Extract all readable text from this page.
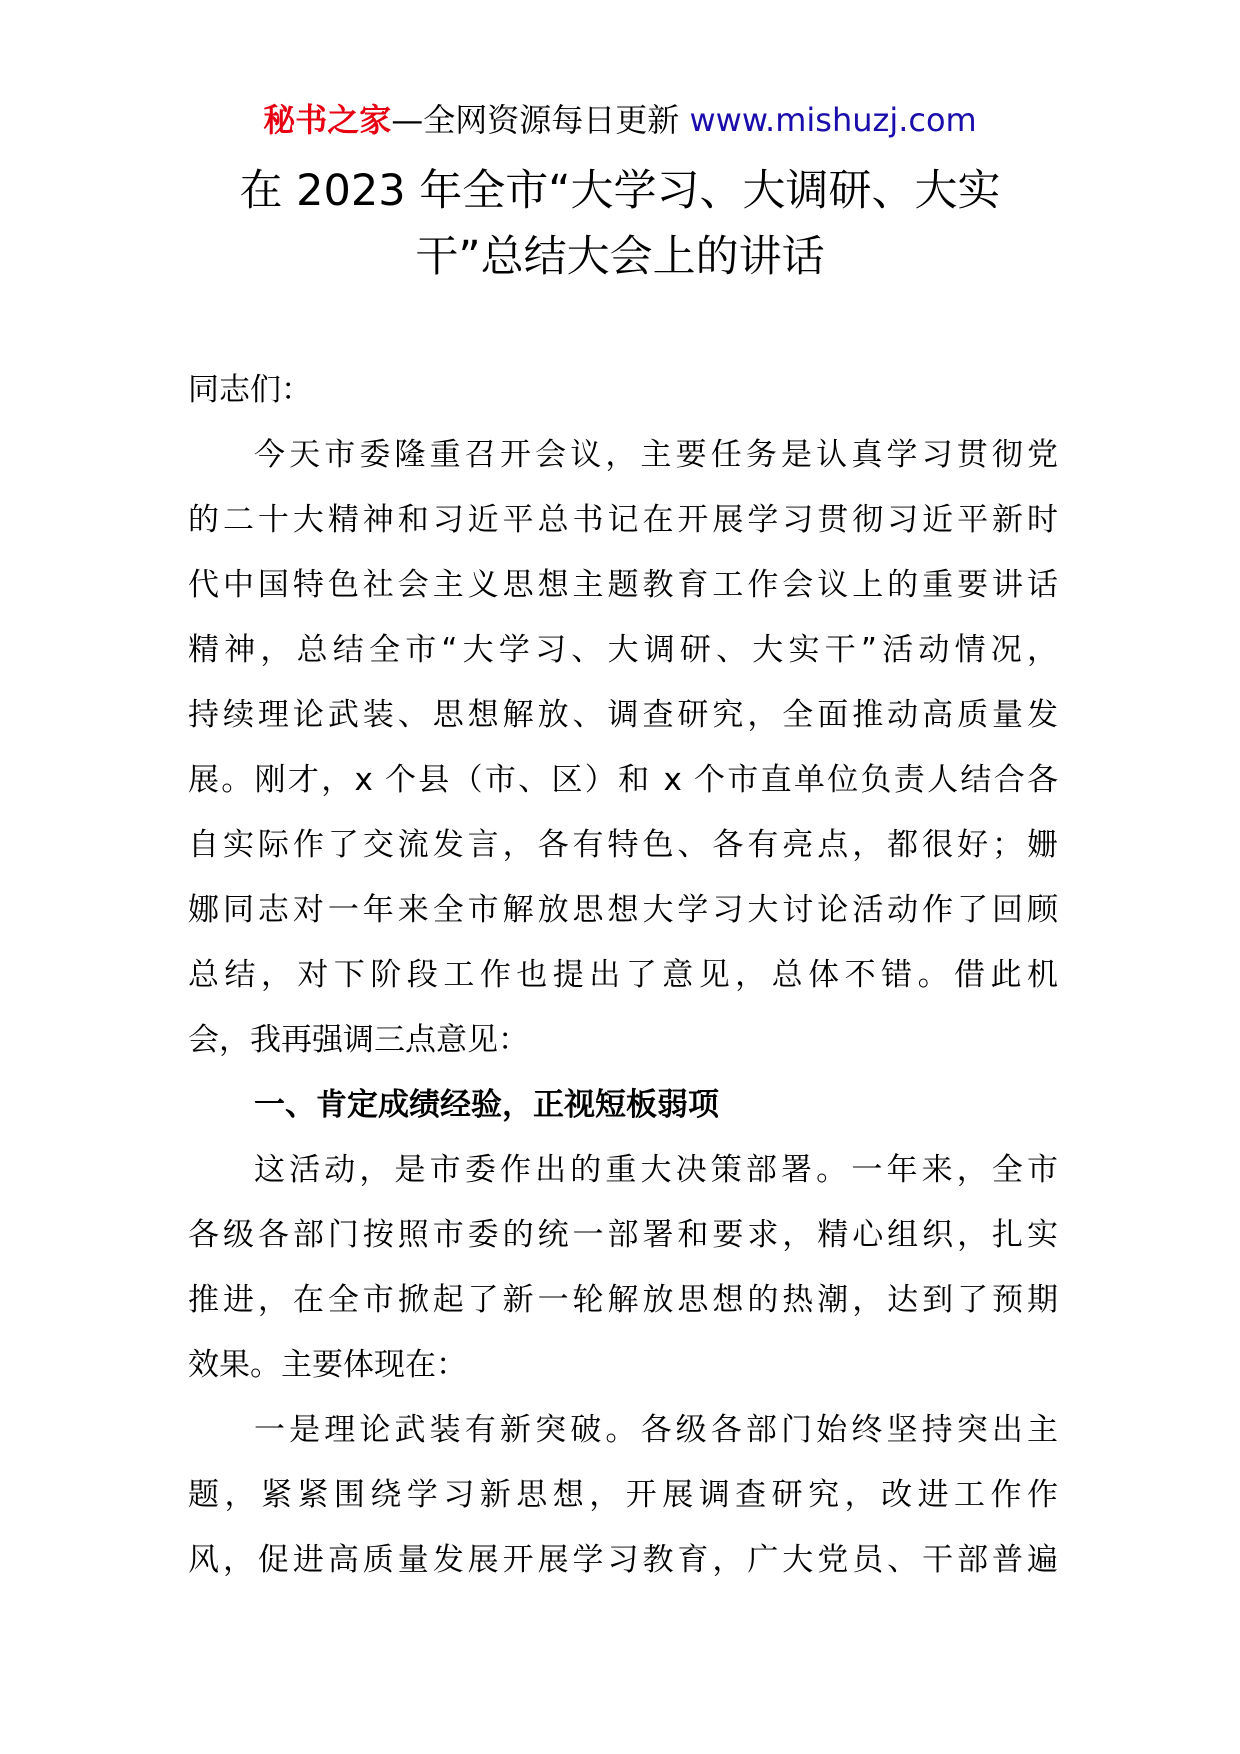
秘书之家—全网资源每日更新 www.mishuzj.com
在 2023 年全市“大学习、大调研、大实
干”总结大会上的讲话

同志们：

今天市委隆重召开会议，主要任务是认真学习贯彻党
的二十大精神和习近平总书记在开展学习贯彻习近平新时
代中国特色社会主义思想主题教育工作会议上的重要讲话
精神，总结全市“大学习、大调研、大实干”活动情况，
持续理论武装、思想解放、调查研究，全面推动高质量发
展。刚才，x 个县（市、区）和 x 个市直单位负责人结合各
自实际作了交流发言，各有特色、各有亮点，都很好；姗
娜同志对一年来全市解放思想大学习大讨论活动作了回顾
总结，对下阶段工作也提出了意见，总体不错。借此机
会，我再强调三点意见：

一、肯定成绩经验，正视短板弱项

这活动，是市委作出的重大决策部署。一年来，全市
各级各部门按照市委的统一部署和要求，精心组织，扎实
推进，在全市掀起了新一轮解放思想的热潮，达到了预期
效果。主要体现在：

一是理论武装有新突破。各级各部门始终坚持突出主
题，紧紧围绕学习新思想，开展调查研究，改进工作作
风，促进高质量发展开展学习教育，广大党员、干部普遍
